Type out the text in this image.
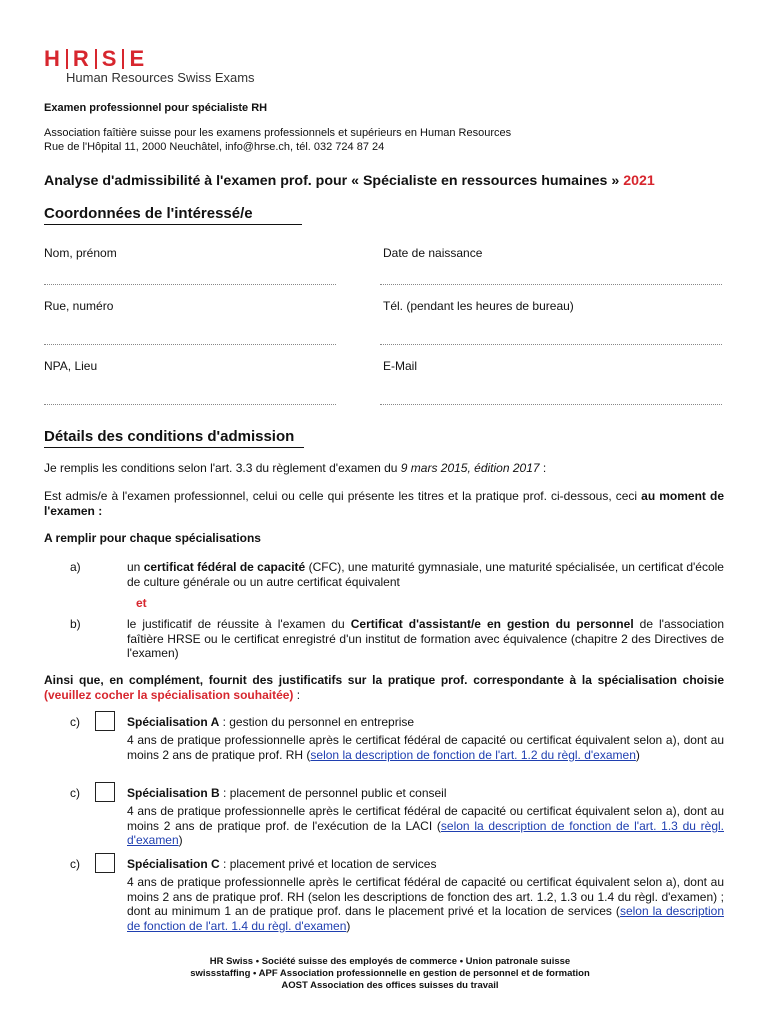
H R S E
Human Resources Swiss Exams
Examen professionnel pour spécialiste RH
Association faîtière suisse pour les examens professionnels et supérieurs en Human Resources
Rue de l'Hôpital 11, 2000 Neuchâtel, info@hrse.ch, tél. 032 724 87 24
Analyse d'admissibilité à l'examen prof. pour « Spécialiste en ressources humaines » 2021
Coordonnées de l'intéressé/e
Nom, prénom	Date de naissance
Rue, numéro	Tél. (pendant les heures de bureau)
NPA, Lieu	E-Mail
Détails des conditions d'admission
Je remplis les conditions selon l'art. 3.3 du règlement d'examen du 9 mars 2015, édition 2017 :
Est admis/e à l'examen professionnel, celui ou celle qui présente les titres et la pratique prof. ci-dessous, ceci au moment de l'examen :
A remplir pour chaque spécialisations
a)	un certificat fédéral de capacité (CFC), une maturité gymnasiale, une maturité spécialisée, un certificat d'école de culture générale ou un autre certificat équivalent
et
b)	le justificatif de réussite à l'examen du Certificat d'assistant/e en gestion du personnel de l'association faîtière HRSE ou le certificat enregistré d'un institut de formation avec équivalence (chapitre 2 des Directives de l'examen)
Ainsi que, en complément, fournit des justificatifs sur la pratique prof. correspondante à la spécialisation choisie (veuillez cocher la spécialisation souhaitée) :
c)	Spécialisation A : gestion du personnel en entreprise
4 ans de pratique professionnelle après le certificat fédéral de capacité ou certificat équivalent selon a), dont au moins 2 ans de pratique prof. RH (selon la description de fonction de l'art. 1.2 du règl. d'examen)
c)	Spécialisation B : placement de personnel public et conseil
4 ans de pratique professionnelle après le certificat fédéral de capacité ou certificat équivalent selon a), dont au moins 2 ans de pratique prof. de l'exécution de la LACI (selon la description de fonction de l'art. 1.3 du règl. d'examen)
c)	Spécialisation C : placement privé et location de services
4 ans de pratique professionnelle après le certificat fédéral de capacité ou certificat équivalent selon a), dont au moins 2 ans de pratique prof. RH (selon les descriptions de fonction des art. 1.2, 1.3 ou 1.4 du règl. d'examen) ; dont au minimum 1 an de pratique prof. dans le placement privé et la location de services (selon la description de fonction de l'art. 1.4 du règl. d'examen)
HR Swiss • Société suisse des employés de commerce • Union patronale suisse
swissstaffing • APF Association professionnelle en gestion de personnel et de formation
AOST Association des offices suisses du travail
